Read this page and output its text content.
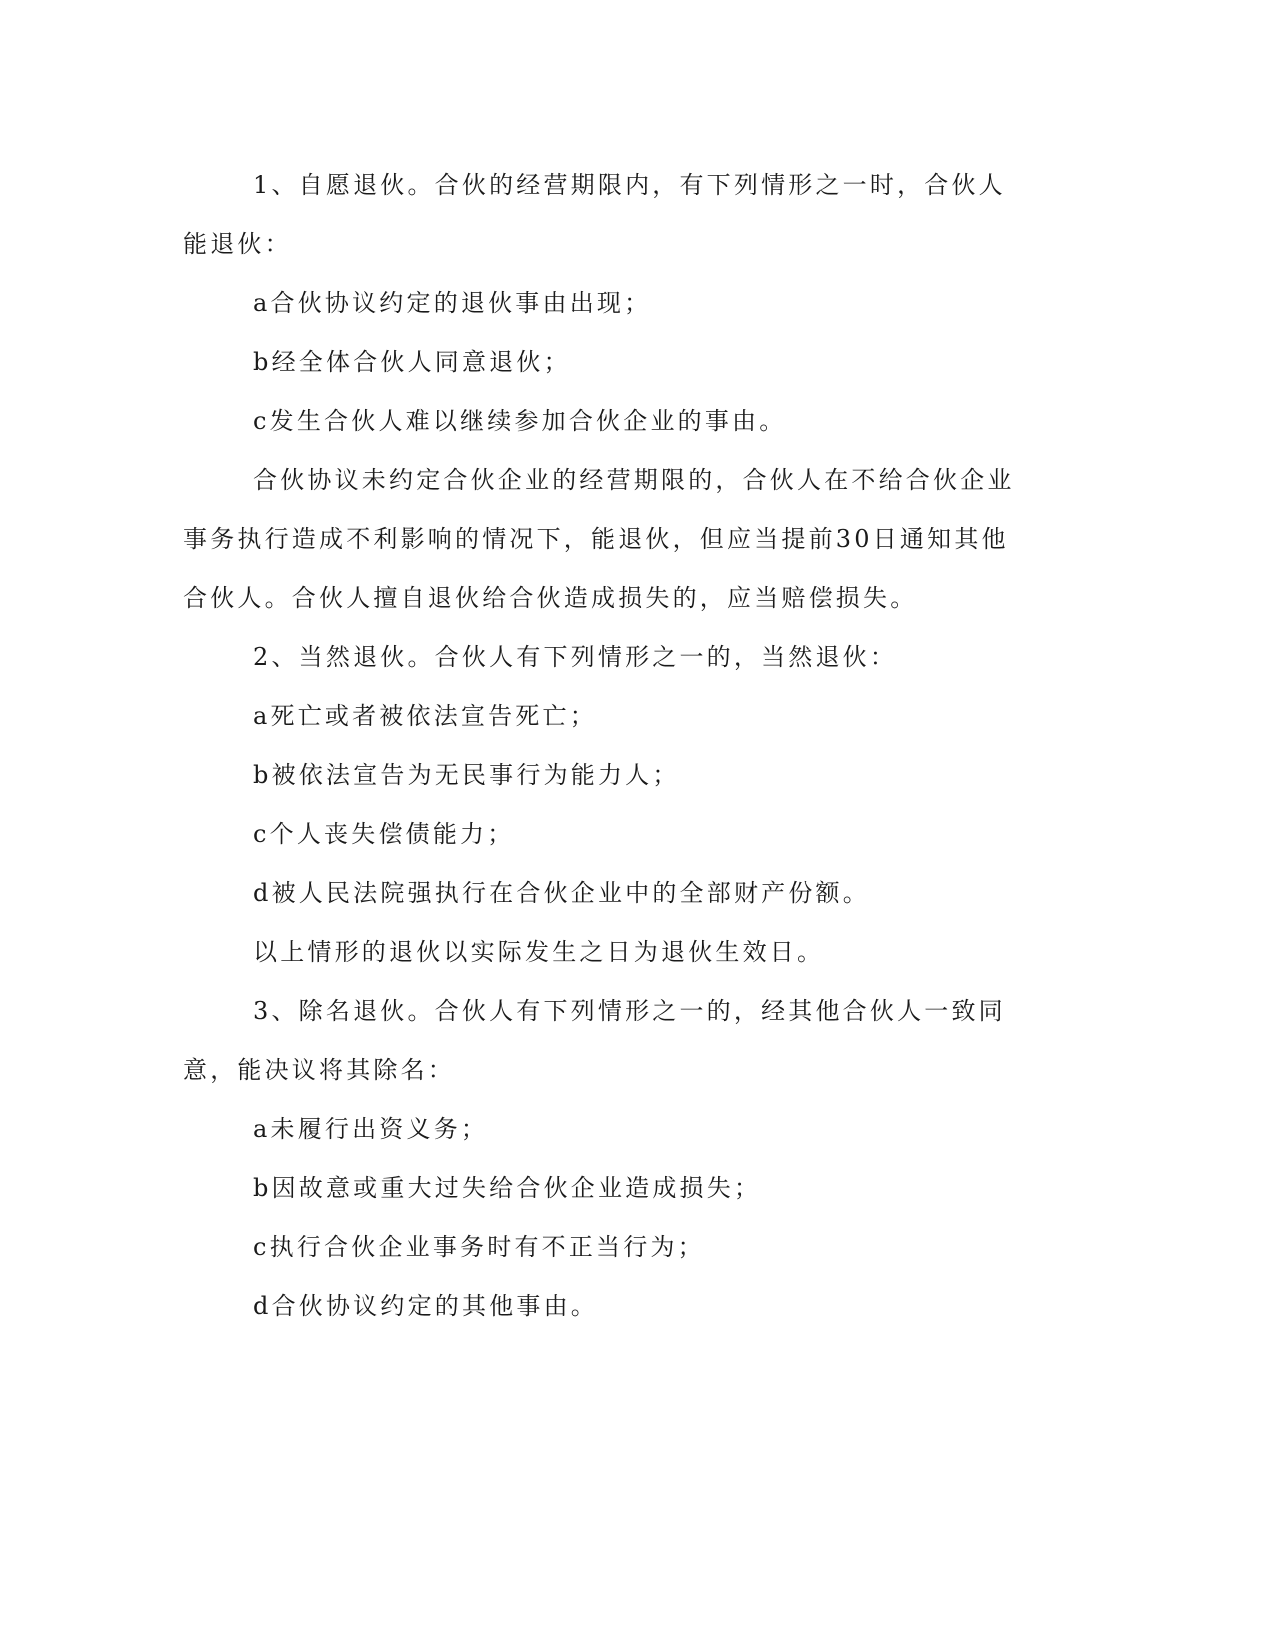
1、自愿退伙。合伙的经营期限内，有下列情形之一时，合伙人能退伙：

a合伙协议约定的退伙事由出现；

b经全体合伙人同意退伙；

c发生合伙人难以继续参加合伙企业的事由。

合伙协议未约定合伙企业的经营期限的，合伙人在不给合伙企业事务执行造成不利影响的情况下，能退伙，但应当提前30日通知其他合伙人。合伙人擅自退伙给合伙造成损失的，应当赔偿损失。

2、当然退伙。合伙人有下列情形之一的，当然退伙：

a死亡或者被依法宣告死亡；

b被依法宣告为无民事行为能力人；

c个人丧失偿债能力；

d被人民法院强执行在合伙企业中的全部财产份额。

以上情形的退伙以实际发生之日为退伙生效日。

3、除名退伙。合伙人有下列情形之一的，经其他合伙人一致同意，能决议将其除名：

a未履行出资义务；

b因故意或重大过失给合伙企业造成损失；

c执行合伙企业事务时有不正当行为；

d合伙协议约定的其他事由。
